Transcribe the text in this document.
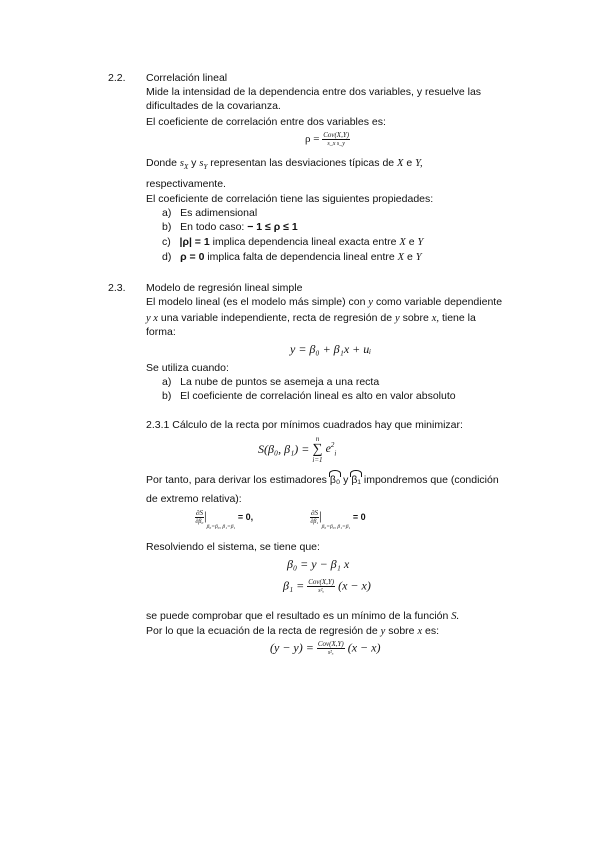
2.2. Correlación lineal
Mide la intensidad de la dependencia entre dos variables, y resuelve las
dificultades de la covarianza.
El coeficiente de correlación entre dos variables es:
$\rho = \frac{\text{Cov(X,Y)}}{\text{s\_x s\_y}}$
Donde $s_X$ y $s_Y$ representan las desviaciones típicas de X e Y,
respectivamente.
El coeficiente de correlación tiene las siguientes propiedades:
a) Es adimensional
b) En todo caso: − 1 ≤ ρ ≤ 1
c) |ρ| = 1 implica dependencia lineal exacta entre X e Y
d) ρ = 0 implica falta de dependencia lineal entre X e Y
2.3. Modelo de regresión lineal simple
El modelo lineal (es el modelo más simple) con y como variable dependiente
y x una variable independiente, recta de regresión de y sobre x, tiene la
forma:
y = β₀ + β₁x + uᵢ
Se utiliza cuando:
a) La nube de puntos se asemeja a una recta
b) El coeficiente de correlación lineal es alto en valor absoluto
2.3.1 Cálculo de la recta por mínimos cuadrados hay que minimizar:
S(β₀, β₁) =
n
∑
i=1
$e^2_i$
Por tanto, para derivar los estimadores β₀ y β₁ impondremos que (condición
de extremo relativa):
$\frac{\partial S}{\text{∂β₀}} |_{\beta_0=\beta_0, \beta_1=\beta_1} = 0$,	$\frac{\partial S}{\text{∂β₁}} |_{\beta_0=\beta_0, \beta_1=\beta_1} = 0$
Resolviendo el sistema, se tiene que:
β₀ = y − β₁ x
$\beta_1 = \frac{\text{Cov(X,Y)}}{\text{s²ₓ}} (x - x)$
se puede comprobar que el resultado es un mínimo de la función S.
Por lo que la ecuación de la recta de regresión de y sobre x es:
$(y - y) = \frac{\text{Cov(X,Y)}}{\text{s²ₓ}} (x - x)$
